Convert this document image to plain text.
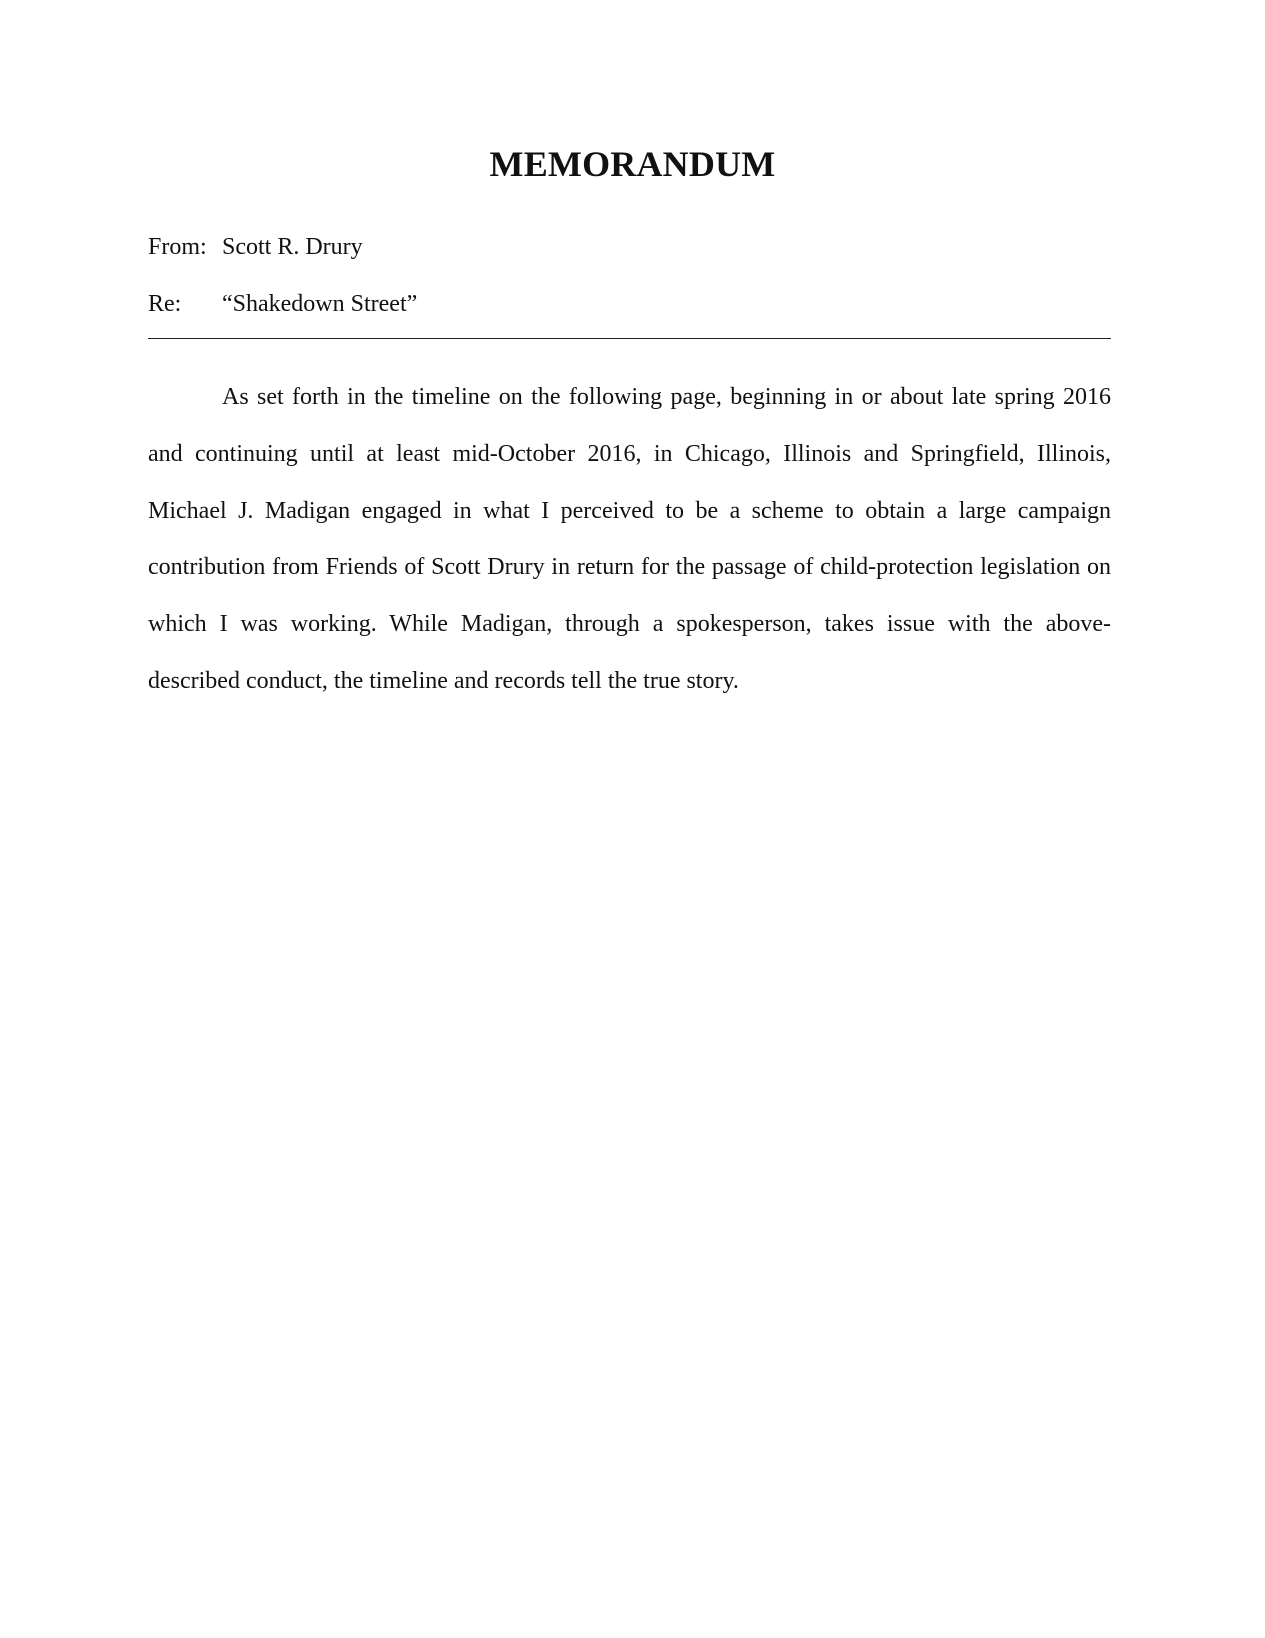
MEMORANDUM
From: Scott R. Drury
Re: “Shakedown Street”

As set forth in the timeline on the following page, beginning in or about late spring 2016 and continuing until at least mid-October 2016, in Chicago, Illinois and Springfield, Illinois, Michael J. Madigan engaged in what I perceived to be a scheme to obtain a large campaign contribution from Friends of Scott Drury in return for the passage of child-protection legislation on which I was working. While Madigan, through a spokesperson, takes issue with the above-described conduct, the timeline and records tell the true story.
